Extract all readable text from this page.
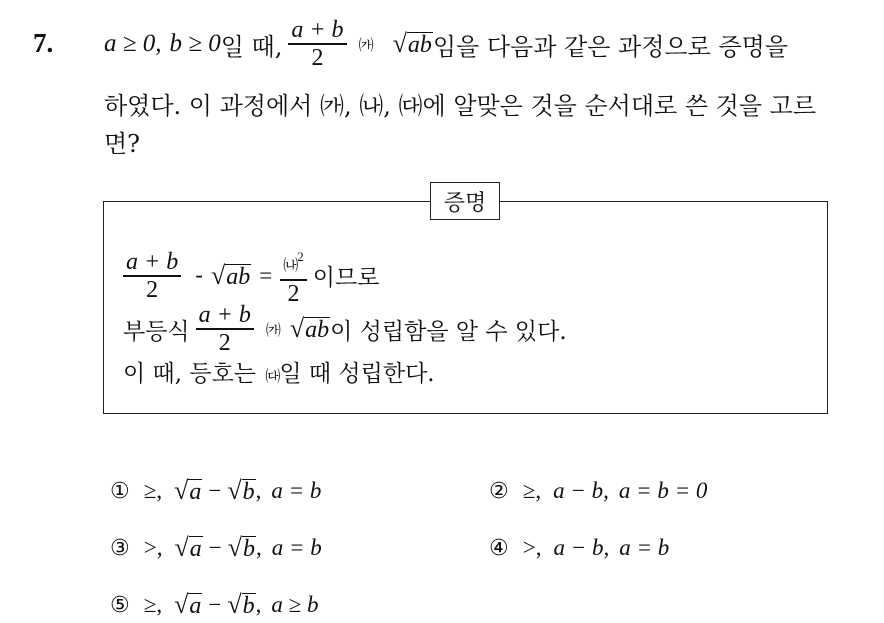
7. a ≥ 0, b ≥ 0 일 때, $\frac{a + b}{2}$ ㈎ √ ab 임을 다음과 같은 과정으로 증명을
하였다. 이 과정에서 ㈎, ㈏, ㈐에 알맞은 것을 순서대로 쓴 것을 고르
면?
증명
$\frac{a + b}{2}$ - √ ab = $\frac{㈏^2}{2}$ 이므로
부등식 $\frac{a + b}{2}$ ㈎ √ ab 이 성립함을 알 수 있다.
이 때, 등호는 ㈐일 때 성립한다.
① ≥, √ a − √ b , a = b	② ≥, a − b, a = b = 0
③ >, √ a − √ b , a = b	④ >, a − b, a = b
⑤ ≥, √ a − √ b , a ≥ b
